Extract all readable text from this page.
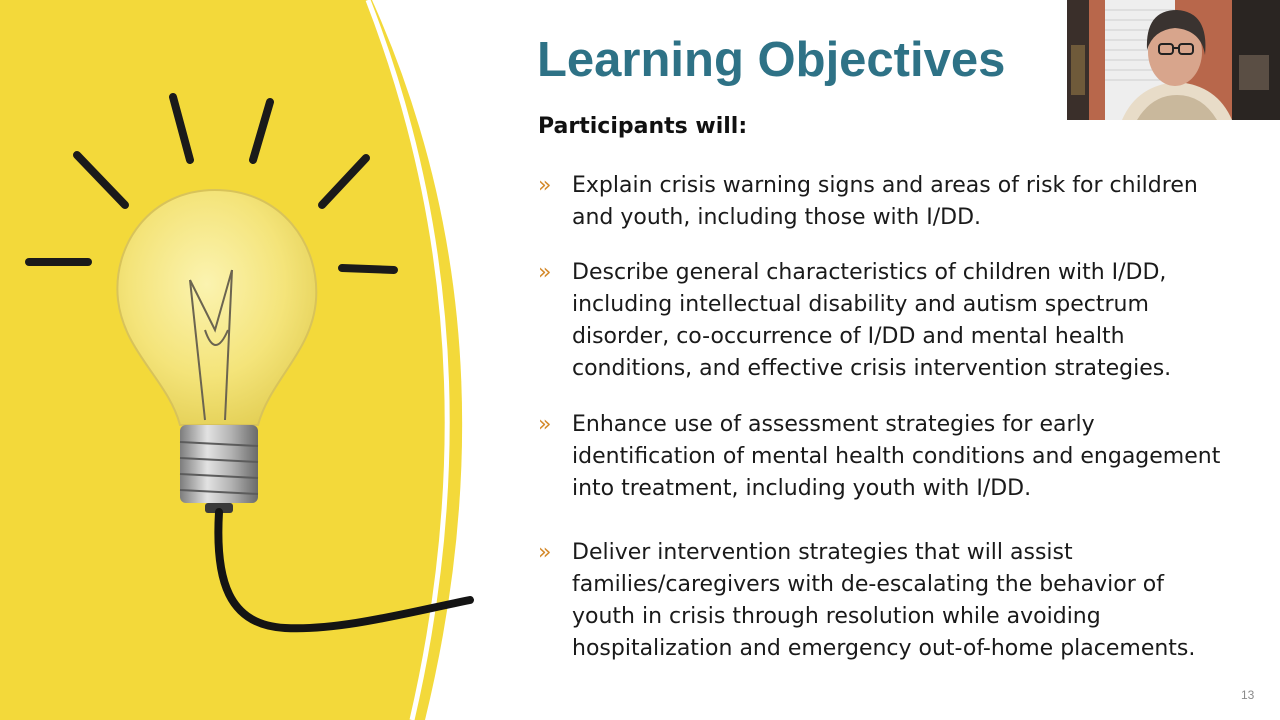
Learning Objectives
Participants will:
» Explain crisis warning signs and areas of risk for children and youth, including those with I/DD.
» Describe general characteristics of children with I/DD, including intellectual disability and autism spectrum disorder, co-occurrence of I/DD and mental health conditions, and effective crisis intervention strategies.
» Enhance use of assessment strategies for early identification of mental health conditions and engagement into treatment, including youth with I/DD.
» Deliver intervention strategies that will assist families/caregivers with de-escalating the behavior of youth in crisis through resolution while avoiding hospitalization and emergency out-of-home placements.
13
